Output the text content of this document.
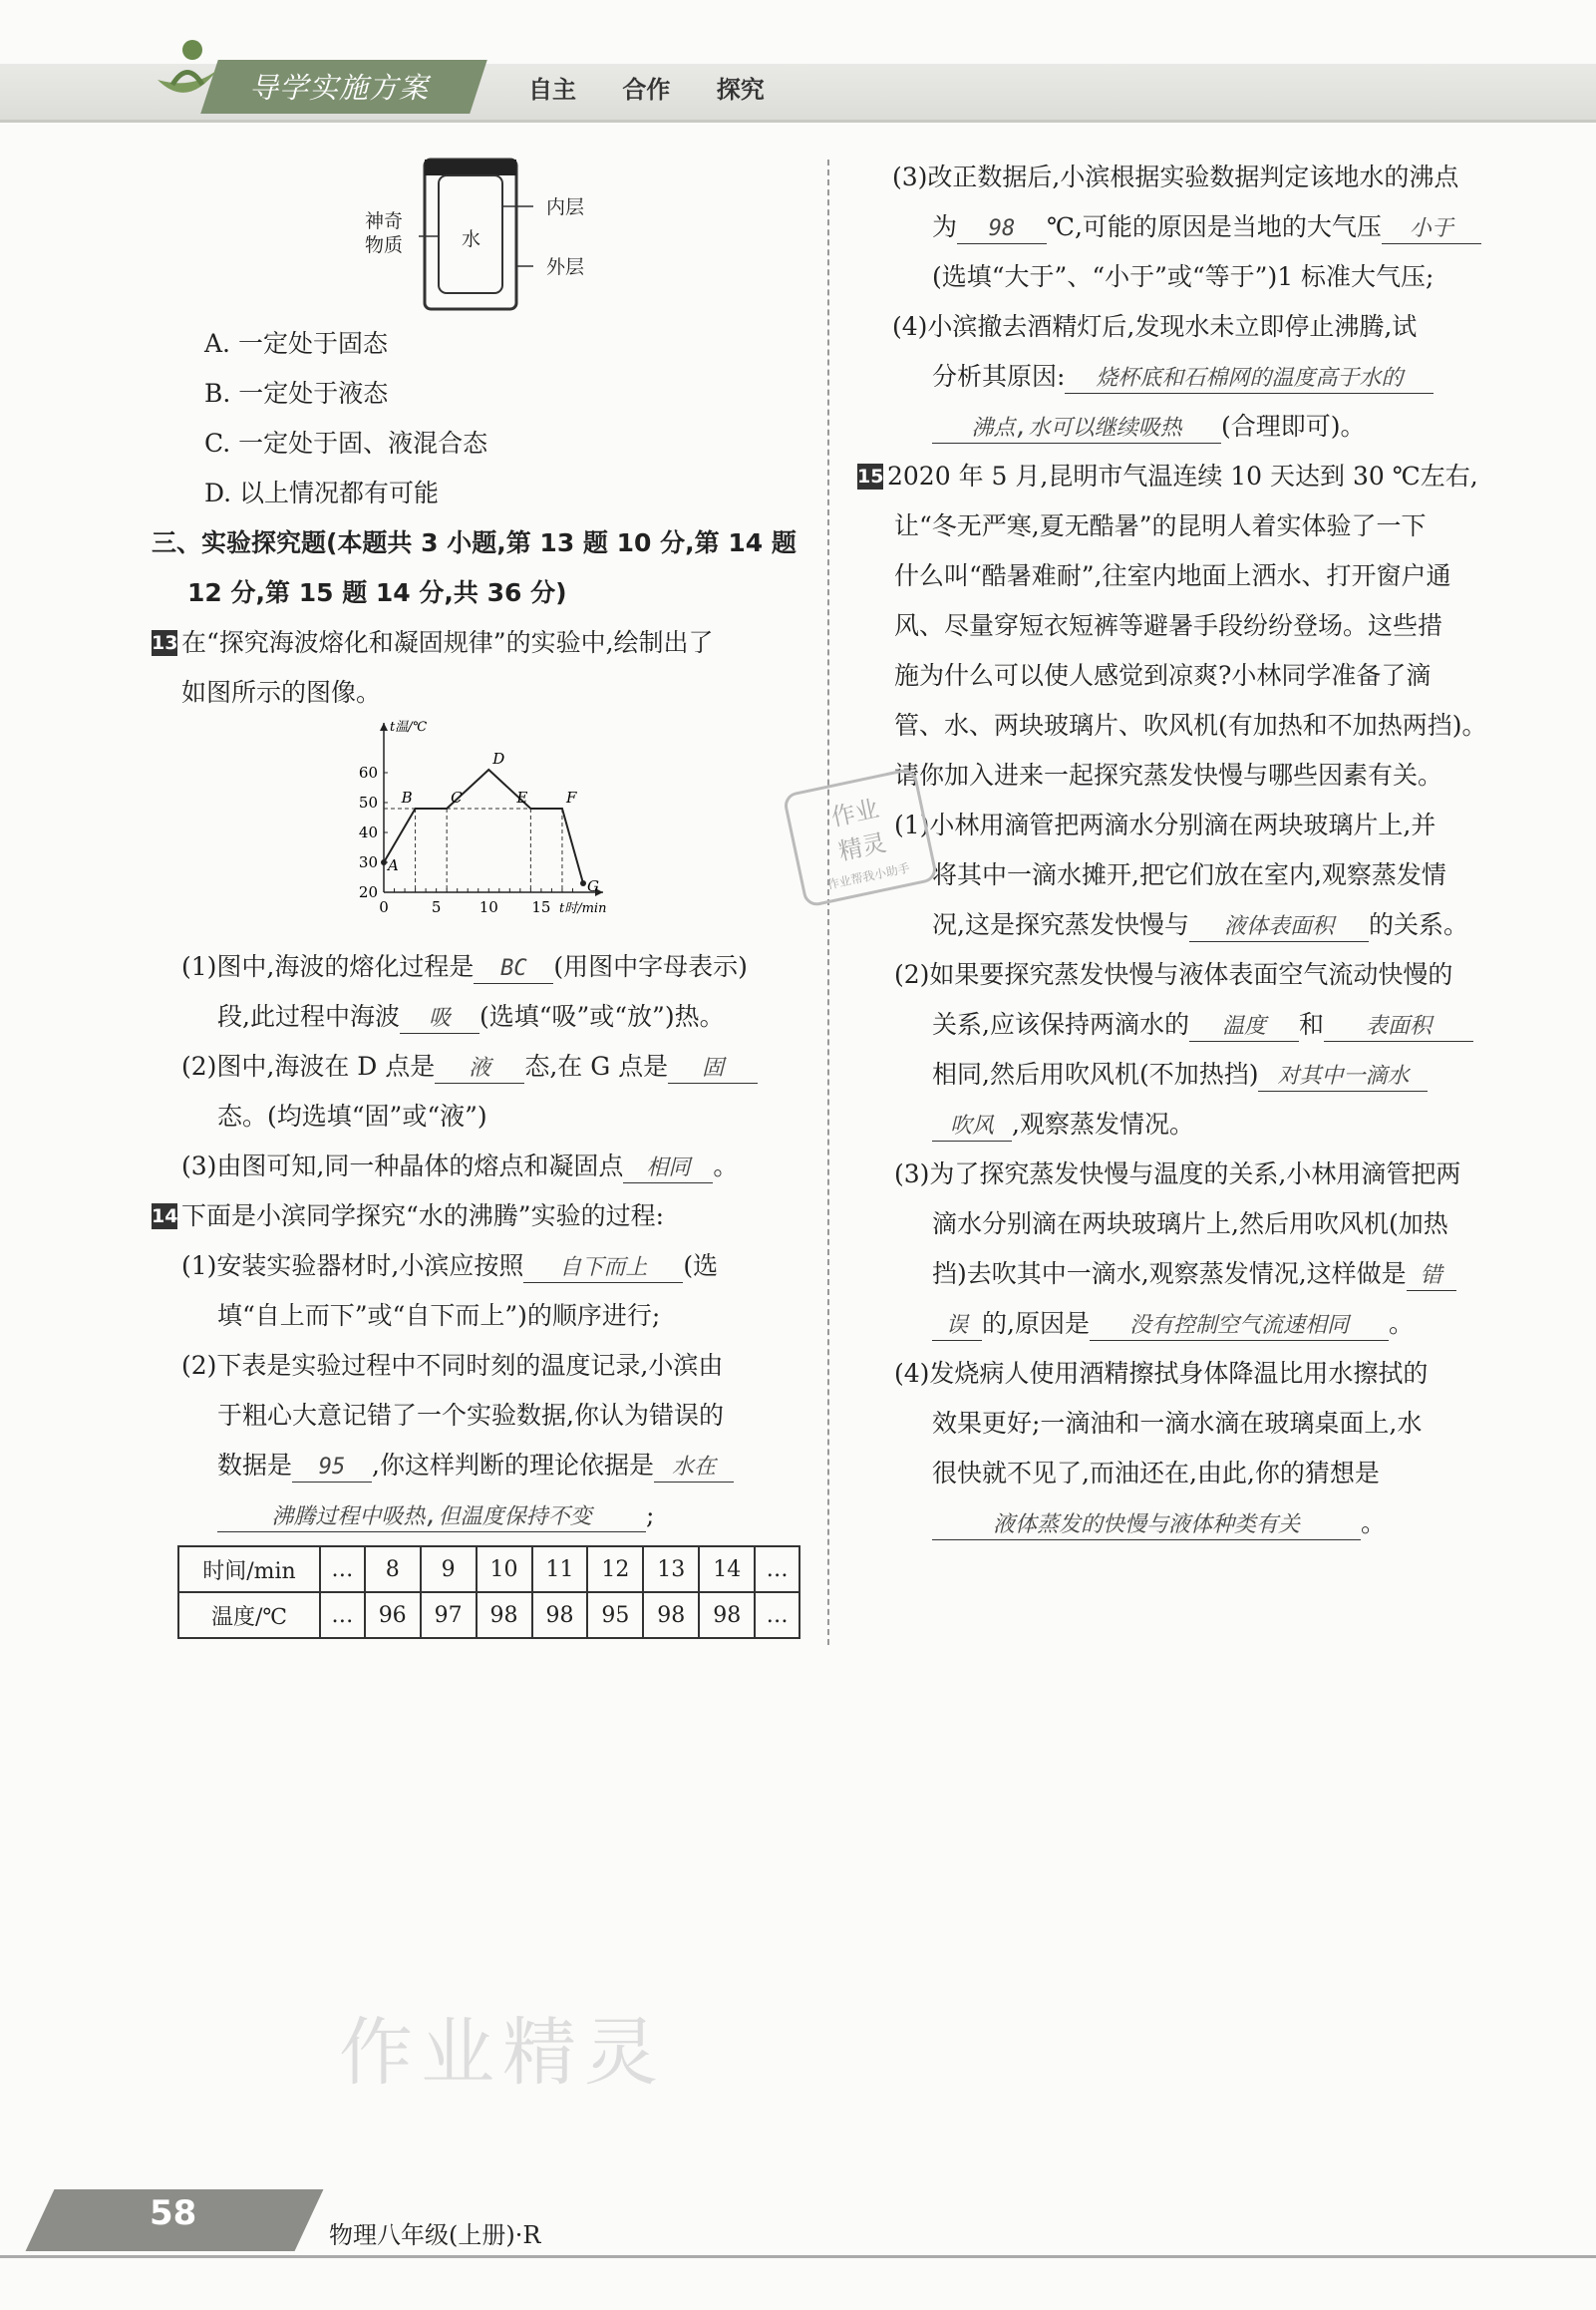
导学实施方案	自主 合作 探究
神奇
物质	水
内层
外层
A. 一定处于固态
B. 一定处于液态
C. 一定处于固、液混合态
D. 以上情况都有可能
三、实验探究题(本题共 3 小题,第 13 题 10 分,第 14 题
12 分,第 15 题 14 分,共 36 分)
13 在“探究海波熔化和凝固规律”的实验中,绘制出了
如图所示的图像。
0	5	10 15
20
30
40
50
60
t温/℃
t时/min
A
B	C
D
E	F
G
(1)图中,海波的熔化过程是 BC (用图中字母表示)
段,此过程中海波 吸 (选填“吸”或“放”)热。
(2)图中,海波在 D 点是 液 态,在 G 点是 固
态。(均选填“固”或“液”)
(3)由图可知,同一种晶体的熔点和凝固点 相同 。
14 下面是小滨同学探究“水的沸腾”实验的过程:
(1)安装实验器材时,小滨应按照 自下而上 (选
填“自上而下”或“自下而上”)的顺序进行;
(2)下表是实验过程中不同时刻的温度记录,小滨由
于粗心大意记错了一个实验数据,你认为错误的
数据是 95 ,你这样判断的理论依据是 水在
沸腾过程中吸热,但温度保持不变 ;
时间/min	…	8	9	10	11	12	13	14	…
温度/℃	…	96	97	98	98	95	98	98	…
(3)改正数据后,小滨根据实验数据判定该地水的沸点
为 98 ℃,可能的原因是当地的大气压 小于
(选填“大于”、“小于”或“等于”)1 标准大气压;
(4)小滨撤去酒精灯后,发现水未立即停止沸腾,试
分析其原因: 烧杯底和石棉网的温度高于水的
沸点,水可以继续吸热 (合理即可)。
15 2020 年 5 月,昆明市气温连续 10 天达到 30 ℃左右,
让“冬无严寒,夏无酷暑”的昆明人着实体验了一下
什么叫“酷暑难耐”,往室内地面上洒水、打开窗户通
风、尽量穿短衣短裤等避暑手段纷纷登场。这些措
施为什么可以使人感觉到凉爽?小林同学准备了滴
管、水、两块玻璃片、吹风机(有加热和不加热两挡)。
请你加入进来一起探究蒸发快慢与哪些因素有关。
(1)小林用滴管把两滴水分别滴在两块玻璃片上,并
将其中一滴水摊开,把它们放在室内,观察蒸发情
况,这是探究蒸发快慢与 液体表面积 的关系。
(2)如果要探究蒸发快慢与液体表面空气流动快慢的
关系,应该保持两滴水的 温度 和 表面积
相同,然后用吹风机(不加热挡) 对其中一滴水
吹风 ,观察蒸发情况。
(3)为了探究蒸发快慢与温度的关系,小林用滴管把两
滴水分别滴在两块玻璃片上,然后用吹风机(加热
挡)去吹其中一滴水,观察蒸发情况,这样做是 错
误 的,原因是 没有控制空气流速相同 。
(4)发烧病人使用酒精擦拭身体降温比用水擦拭的
效果更好;一滴油和一滴水滴在玻璃桌面上,水
很快就不见了,而油还在,由此,你的猜想是
液体蒸发的快慢与液体种类有关 。
作业
精灵
作业帮我小助手
作业精灵
58
物理八年级(上册)·R
